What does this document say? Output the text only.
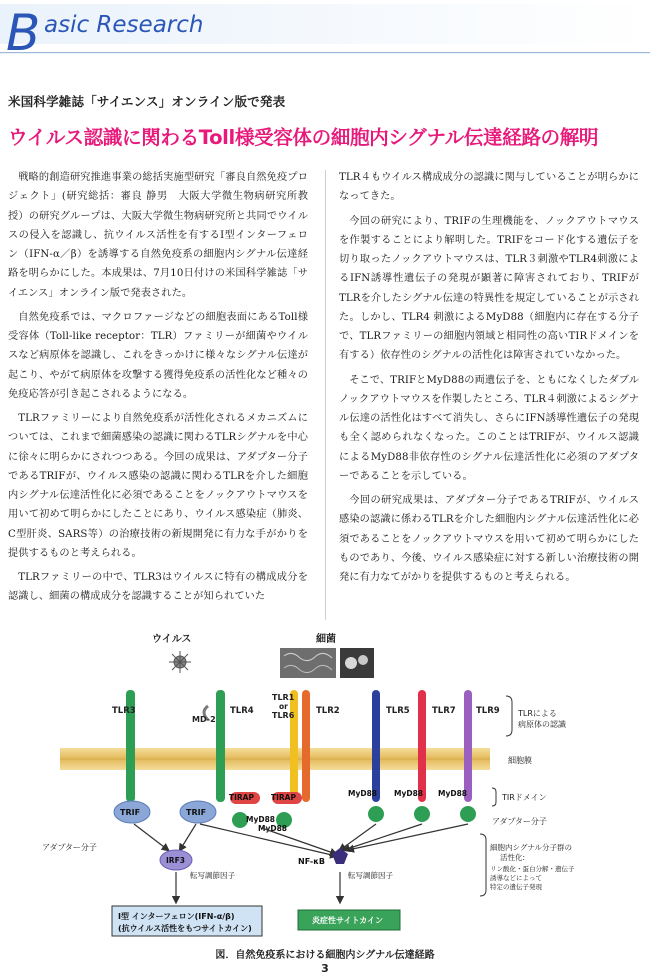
B asic Research
米国科学雑誌「サイエンス」オンライン版で発表
ウイルス認識に関わるToll様受容体の細胞内シグナル伝達経路の解明

戦略的創造研究推進事業の総括実施型研究「審良自然免疫プロジェクト」(研究総括：審良 静男　大阪大学微生物病研究所教授）の研究グループは、大阪大学微生物病研究所と共同でウイルスの侵入を認識し、抗ウイルス活性を有するⅠ型インターフェロン（IFN-α／β）を誘導する自然免疫系の細胞内シグナル伝達経路を明らかにした。本成果は、7月10日付けの米国科学雑誌「サイエンス」オンライン版で発表された。

自然免疫系では、マクロファージなどの細胞表面にあるToll様受容体（Toll-like receptor：TLR）ファミリーが細菌やウイルスなど病原体を認識し、これをきっかけに様々なシグナル伝達が起こり、やがて病原体を攻撃する獲得免疫系の活性化など種々の免疫応答が引き起こされるようになる。

TLRファミリーにより自然免疫系が活性化されるメカニズムについては、これまで細菌感染の認識に関わるTLRシグナルを中心に徐々に明らかにされつつある。今回の成果は、アダプター分子であるTRIFが、ウイルス感染の認識に関わるTLRを介した細胞内シグナル伝達活性化に必須であることをノックアウトマウスを用いて初めて明らかにしたことにあり、ウイルス感染症（肺炎、C型肝炎、SARS等）の治療技術の新規開発に有力な手がかりを提供するものと考えられる。

TLRファミリーの中で、TLR3はウイルスに特有の構成成分を認識し、細菌の構成成分を認識することが知られていた

TLR４もウイルス構成成分の認識に関与していることが明らかになってきた。

今回の研究により、TRIFの生理機能を、ノックアウトマウスを作製することにより解明した。TRIFをコード化する遺伝子を切り取ったノックアウトマウスは、TLR３刺激やTLR4刺激によるIFN誘導性遺伝子の発現が顕著に障害されており、TRIFがTLRを介したシグナル伝達の特異性を規定していることが示された。しかし、TLR4 刺激によるMyD88（細胞内に存在する分子で、TLRファミリーの細胞内領域と相同性の高いTIRドメインを有する）依存性のシグナルの活性化は障害されていなかった。

そこで、TRIFとMyD88の両遺伝子を、ともになくしたダブルノックアウトマウスを作製したところ、TLR４刺激によるシグナル伝達の活性化はすべて消失し、さらにIFN誘導性遺伝子の発現も全く認められなくなった。このことはTRIFが、ウイルス認識によるMyD88非依存性のシグナル伝達活性化に必須のアダプターであることを示している。

今回の研究成果は、アダプター分子であるTRIFが、ウイルス感染の認識に係わるTLRを介した細胞内シグナル伝達活性化に必須であることをノックアウトマウスを用いて初めて明らかにしたものであり、今後、ウイルス感染症に対する新しい治療技術の開発に有力なてがかりを提供するものと考えられる。

ウイルス	細菌
TLR3	TLR4
MD-2
TLR1
or
TLR6	TLR2	TLR5	TLR7 TLR9 TLRによる
病原体の認識
細胞膜
TIRドメイン
アダプター分子
TRIF	TRIF
TIRAP TIRAP
MyD88
MyD88
MyD88 MyD88 MyD88
アダプター分子
IRF3
転写調節因子
NF-κB
転写調節因子
細胞内シグナル分子群の
活性化:
リン酸化・蛋白分解・遺伝子
誘導などによって
特定の遺伝子発現
Ⅰ型 インターフェロン(IFN-α/β)
(抗ウイルス活性をもつサイトカイン)
炎症性サイトカイン
図．自然免疫系における細胞内シグナル伝達経路
3
